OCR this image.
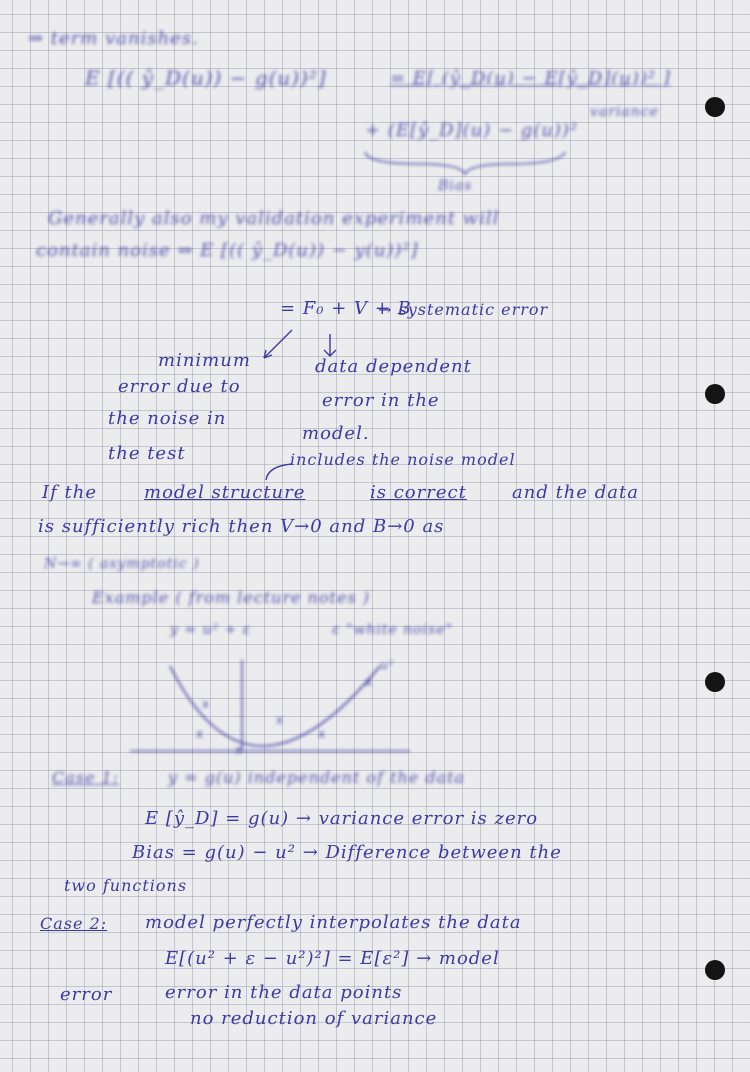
⇒ term vanishes.
E [(( ŷ_D(u)) − g(u))²]	= E[ (ŷ_D(u) − E[ŷ_D](u))² ]
variance
+ (E[ŷ_D](u) − g(u))²
Bias
Generally also my validation experiment will
contain noise ⇒ E [(( ŷ_D(u)) − y(u))²]
= F₀ + V + B
→ systematic error
minimum
error due to
the noise in
the test
data dependent
error in the
model.
includes the noise model
If the	model structure	is correct	and the data
is sufficiently rich then V→0 and B→0 as
N→∞ ( asymptotic )
Example ( from lecture notes )
y = u² + ε	ε "white noise"
u²
x
x
x
x
x
x
Case 1:	y = g(u) independent of the data
E [ŷ_D] = g(u) → variance error is zero
Bias = g(u) − u² → Difference between the
two functions
Case 2: model perfectly interpolates the data
E[(u² + ε − u²)²] = E[ε²] → model
error	error in the data points
no reduction of variance
